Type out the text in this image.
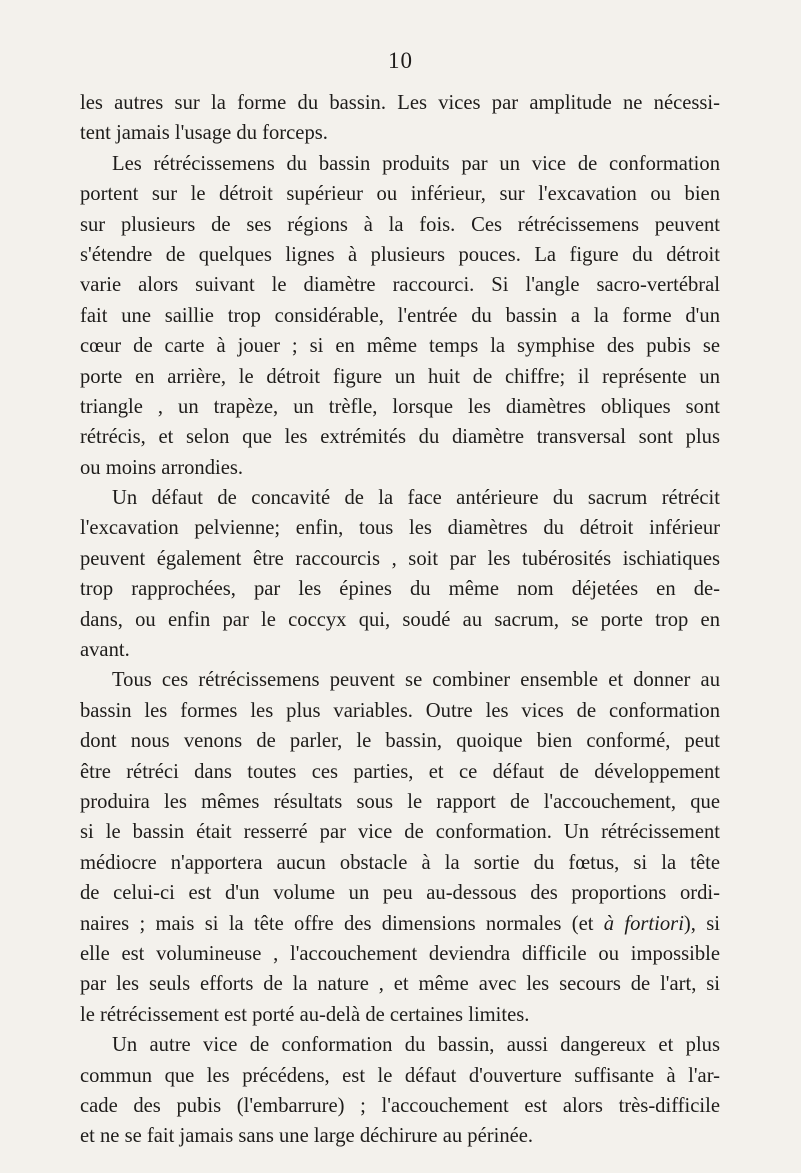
10
les autres sur la forme du bassin. Les vices par amplitude ne nécessi-
tent jamais l'usage du forceps.
Les rétrécissemens du bassin produits par un vice de conformation
portent sur le détroit supérieur ou inférieur, sur l'excavation ou bien
sur plusieurs de ses régions à la fois. Ces rétrécissemens peuvent
s'étendre de quelques lignes à plusieurs pouces. La figure du détroit
varie alors suivant le diamètre raccourci. Si l'angle sacro-vertébral
fait une saillie trop considérable, l'entrée du bassin a la forme d'un
cœur de carte à jouer ; si en même temps la symphise des pubis se
porte en arrière, le détroit figure un huit de chiffre; il représente un
triangle , un trapèze, un trèfle, lorsque les diamètres obliques sont
rétrécis, et selon que les extrémités du diamètre transversal sont plus
ou moins arrondies.
Un défaut de concavité de la face antérieure du sacrum rétrécit
l'excavation pelvienne; enfin, tous les diamètres du détroit inférieur
peuvent également être raccourcis , soit par les tubérosités ischiatiques
trop rapprochées, par les épines du même nom déjetées en de-
dans, ou enfin par le coccyx qui, soudé au sacrum, se porte trop en
avant.
Tous ces rétrécissemens peuvent se combiner ensemble et donner au
bassin les formes les plus variables. Outre les vices de conformation
dont nous venons de parler, le bassin, quoique bien conformé, peut
être rétréci dans toutes ces parties, et ce défaut de développement
produira les mêmes résultats sous le rapport de l'accouchement, que
si le bassin était resserré par vice de conformation. Un rétrécissement
médiocre n'apportera aucun obstacle à la sortie du fœtus, si la tête
de celui-ci est d'un volume un peu au-dessous des proportions ordi-
naires ; mais si la tête offre des dimensions normales (et à fortiori), si
elle est volumineuse , l'accouchement deviendra difficile ou impossible
par les seuls efforts de la nature , et même avec les secours de l'art, si
le rétrécissement est porté au-delà de certaines limites.
Un autre vice de conformation du bassin, aussi dangereux et plus
commun que les précédens, est le défaut d'ouverture suffisante à l'ar-
cade des pubis (l'embarrure) ; l'accouchement est alors très-difficile
et ne se fait jamais sans une large déchirure au périnée.
